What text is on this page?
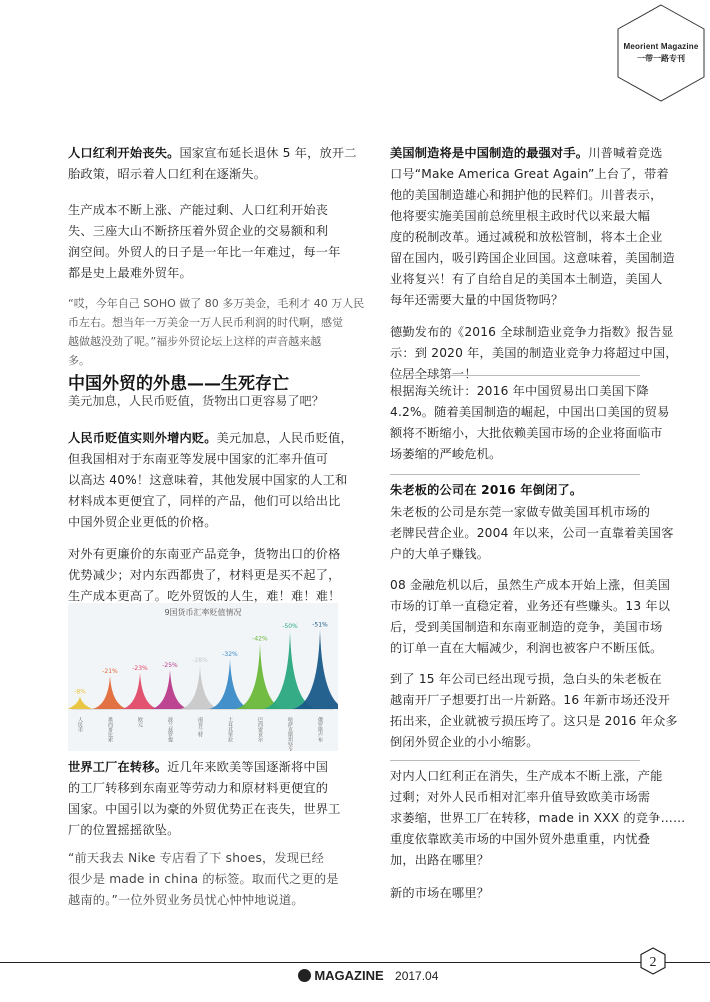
Meorient Magazine
一带一路专刊
人口红利开始丧失。国家宣布延长退休 5 年，放开二
胎政策，昭示着人口红利在逐渐失。
生产成本不断上涨、产能过剩、人口红利开始丧
失、三座大山不断挤压着外贸企业的交易额和利
润空间。外贸人的日子是一年比一年难过，每一年
都是史上最难外贸年。
“哎，今年自己 SOHO 做了 80 多万美金，毛利才 40 万人民
币左右。想当年一万美金一万人民币利润的时代啊，感觉
越做越没劲了呢。”福步外贸论坛上这样的声音越来越
多。
中国外贸的外患——生死存亡
美元加息，人民币贬值，货物出口更容易了吧？
人民币贬值实则外增内贬。美元加息，人民币贬值，
但我国相对于东南亚等发展中国家的汇率升值可
以高达 40%！这意味着，其他发展中国家的人工和
材料成本更便宜了，同样的产品，他们可以给出比
中国外贸企业更低的价格。
对外有更廉价的东南亚产品竞争，货物出口的价格
优势减少；对内东西都贵了，材料更是买不起了，
生产成本更高了。吃外贸饭的人生，难！难！难！
9国货币汇率贬值情况
-8%
人民币
-21%
墨西哥比索
-23%
欧元
-25%
波兰兹罗提
-28%
南非兰特
-32%
土耳其里拉
-42%
巴西雷亚尔
-50%
哈萨克斯坦坚戈
-51%
俄罗斯卢布
世界工厂在转移。近几年来欧美等国逐渐将中国
的工厂转移到东南亚等劳动力和原材料更便宜的
国家。中国引以为豪的外贸优势正在丧失，世界工
厂的位置摇摇欲坠。
“前天我去 Nike 专店看了下 shoes，发现已经
很少是 made in china 的标签。取而代之更的是
越南的。”一位外贸业务员忧心忡忡地说道。
美国制造将是中国制造的最强对手。川普喊着竞选
口号“Make America Great Again”上台了，带着
他的美国制造雄心和拥护他的民粹们。川普表示，
他将要实施美国前总统里根主政时代以来最大幅
度的税制改革。通过减税和放松管制，将本土企业
留在国内，吸引跨国企业回国。这意味着，美国制造
业将复兴！有了自给自足的美国本土制造，美国人
每年还需要大量的中国货物吗？
德勤发布的《2016 全球制造业竞争力指数》报告显
示：到 2020 年，美国的制造业竞争力将超过中国，
位居全球第一！
根据海关统计：2016 年中国贸易出口美国下降
4.2%。随着美国制造的崛起，中国出口美国的贸易
额将不断缩小，大批依赖美国市场的企业将面临市
场萎缩的严峻危机。
朱老板的公司在 2016 年倒闭了。
朱老板的公司是东莞一家做专做美国耳机市场的
老牌民营企业。2004 年以来，公司一直靠着美国客
户的大单子赚钱。
08 金融危机以后，虽然生产成本开始上涨，但美国
市场的订单一直稳定着，业务还有些赚头。13 年以
后，受到美国制造和东南亚制造的竞争，美国市场
的订单一直在大幅减少，利润也被客户不断压低。
到了 15 年公司已经出现亏损，急白头的朱老板在
越南开厂子想要打出一片新路。16 年新市场还没开
拓出来，企业就被亏损压垮了。这只是 2016 年众多
倒闭外贸企业的小小缩影。
对内人口红利正在消失，生产成本不断上涨，产能
过剩；对外人民币相对汇率升值导致欧美市场需
求萎缩，世界工厂在转移，made in XXX 的竞争……
重度依靠欧美市场的中国外贸外患重重，内忧叠
加，出路在哪里？
新的市场在哪里？
2
MAGAZINE 2017.04
